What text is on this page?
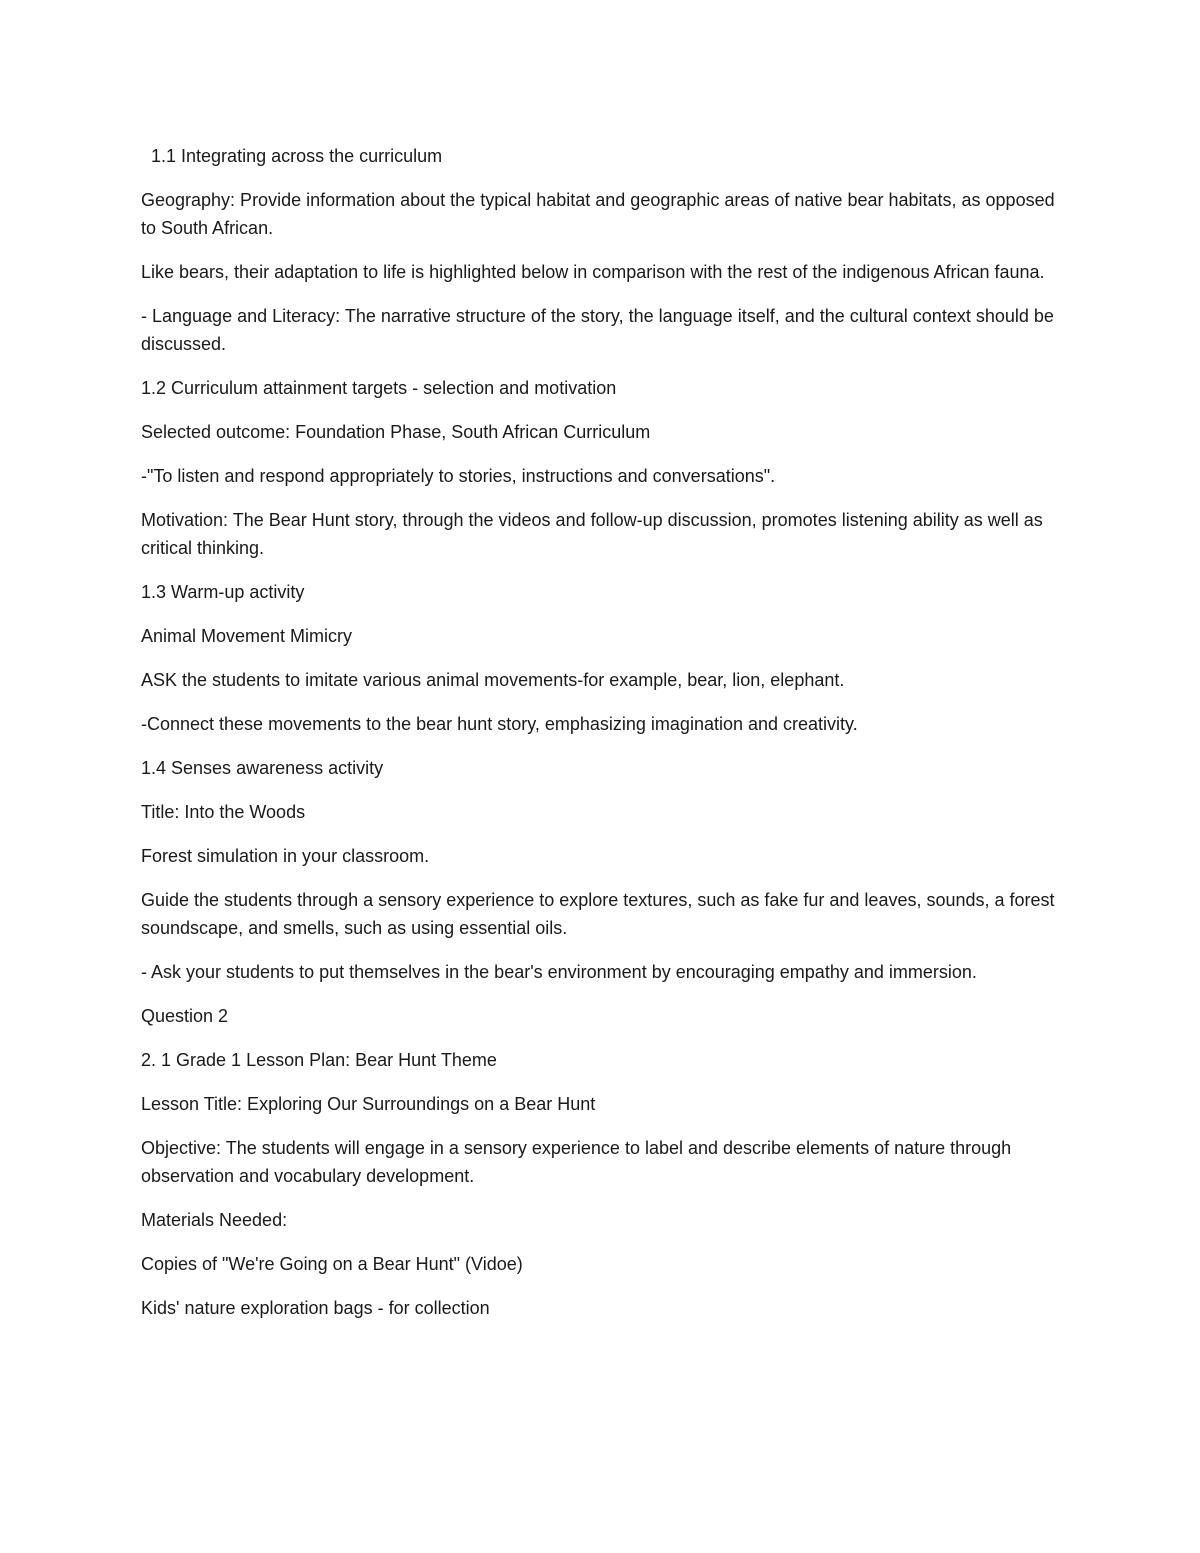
1.1 Integrating across the curriculum

Geography: Provide information about the typical habitat and geographic areas of native bear habitats, as opposed to South African.

Like bears, their adaptation to life is highlighted below in comparison with the rest of the indigenous African fauna.

- Language and Literacy: The narrative structure of the story, the language itself, and the cultural context should be discussed.

1.2 Curriculum attainment targets - selection and motivation

Selected outcome: Foundation Phase, South African Curriculum

-"To listen and respond appropriately to stories, instructions and conversations".

Motivation: The Bear Hunt story, through the videos and follow-up discussion, promotes listening ability as well as critical thinking.

1.3 Warm-up activity

Animal Movement Mimicry

ASK the students to imitate various animal movements-for example, bear, lion, elephant.

-Connect these movements to the bear hunt story, emphasizing imagination and creativity.

1.4 Senses awareness activity

Title: Into the Woods

Forest simulation in your classroom.

Guide the students through a sensory experience to explore textures, such as fake fur and leaves, sounds, a forest soundscape, and smells, such as using essential oils.

- Ask your students to put themselves in the bear's environment by encouraging empathy and immersion.

Question 2

2. 1 Grade 1 Lesson Plan: Bear Hunt Theme

Lesson Title: Exploring Our Surroundings on a Bear Hunt

Objective: The students will engage in a sensory experience to label and describe elements of nature through observation and vocabulary development.

Materials Needed:

Copies of "We're Going on a Bear Hunt" (Vidoe)

Kids' nature exploration bags - for collection
